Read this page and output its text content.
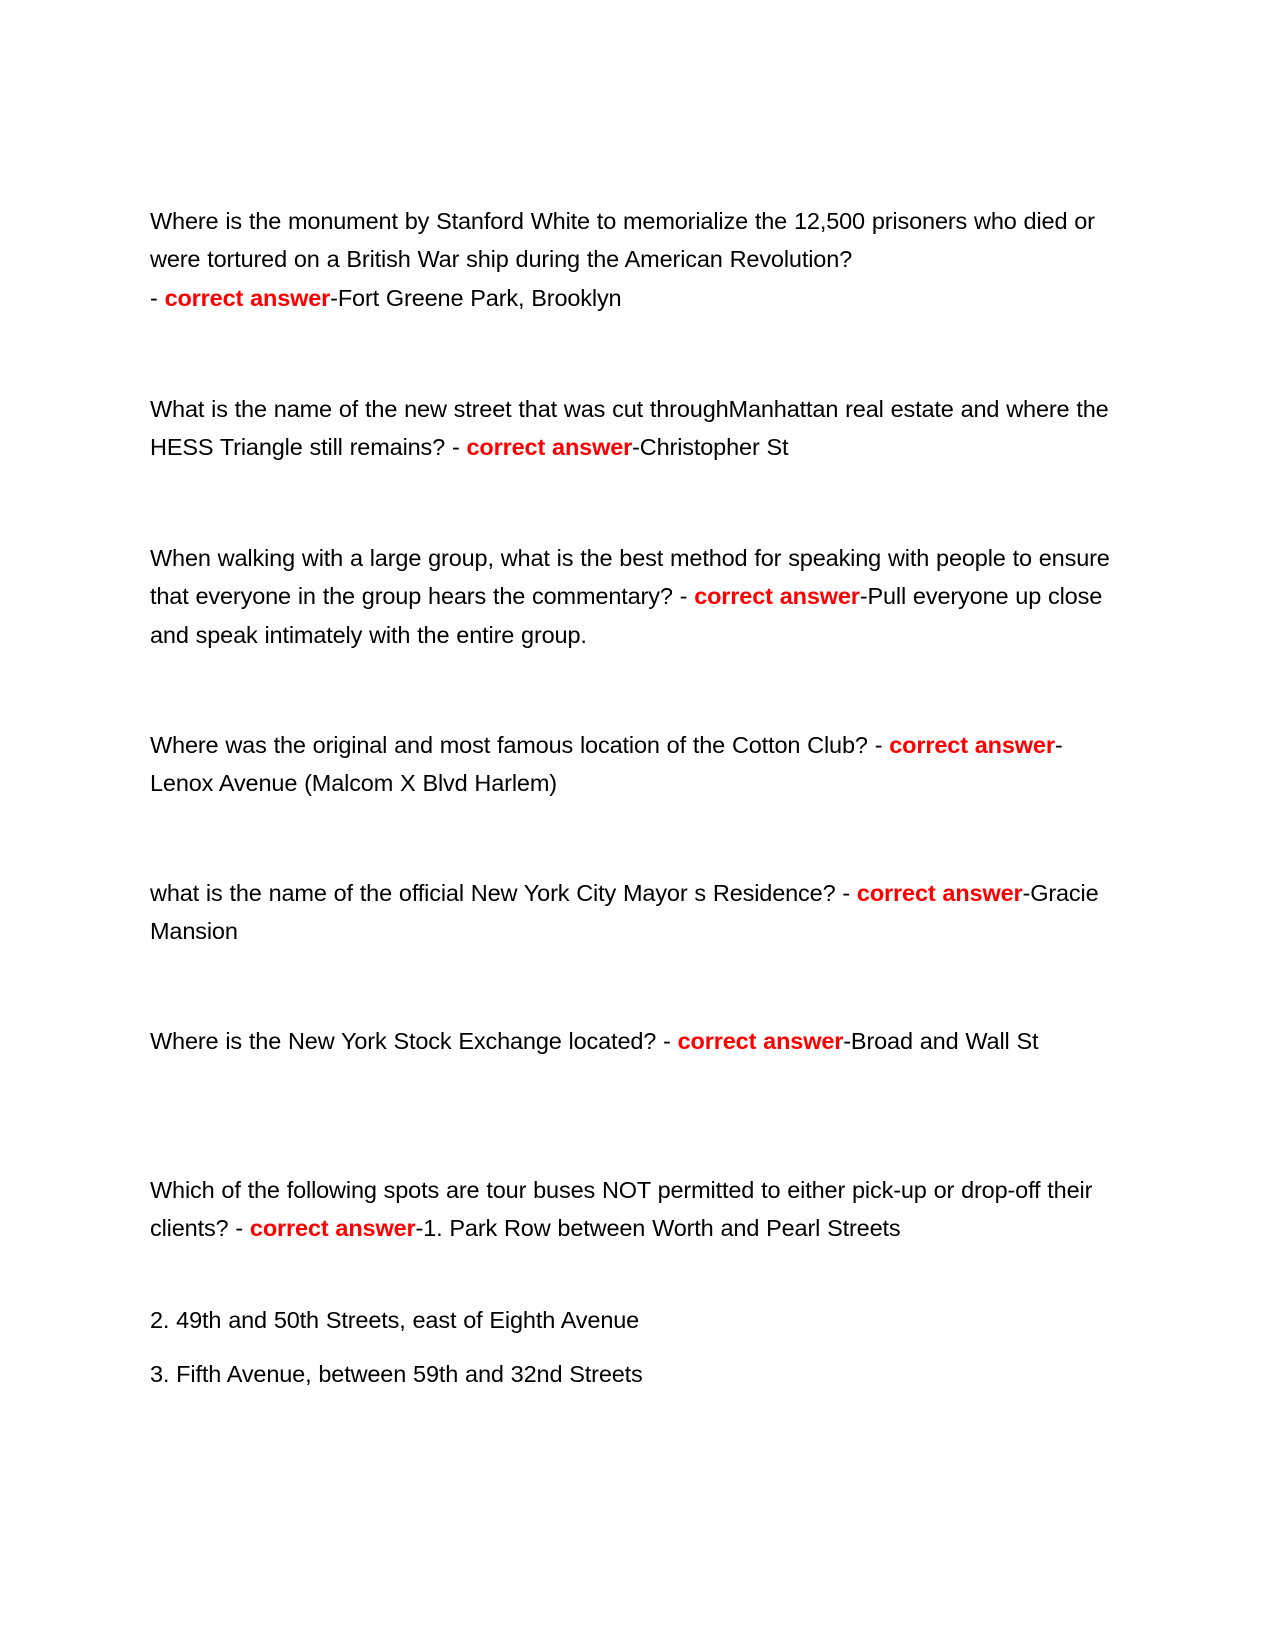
Where is the monument by Stanford White to memorialize the 12,500 prisoners who died or were tortured on a British War ship during the American Revolution?
- correct answer-Fort Greene Park, Brooklyn

What is the name of the new street that was cut throughManhattan real estate and where the HESS Triangle still remains? - correct answer-Christopher St

When walking with a large group, what is the best method for speaking with people to ensure that everyone in the group hears the commentary? - correct answer-Pull everyone up close and speak intimately with the entire group.

Where was the original and most famous location of the Cotton Club? - correct answer-Lenox Avenue (Malcom X Blvd Harlem)

what is the name of the official New York City Mayor s Residence? - correct answer-Gracie Mansion

Where is the New York Stock Exchange located? - correct answer-Broad and Wall St

Which of the following spots are tour buses NOT permitted to either pick-up or drop-off their clients? - correct answer-1. Park Row between Worth and Pearl Streets

2. 49th and 50th Streets, east of Eighth Avenue

3. Fifth Avenue, between 59th and 32nd Streets
